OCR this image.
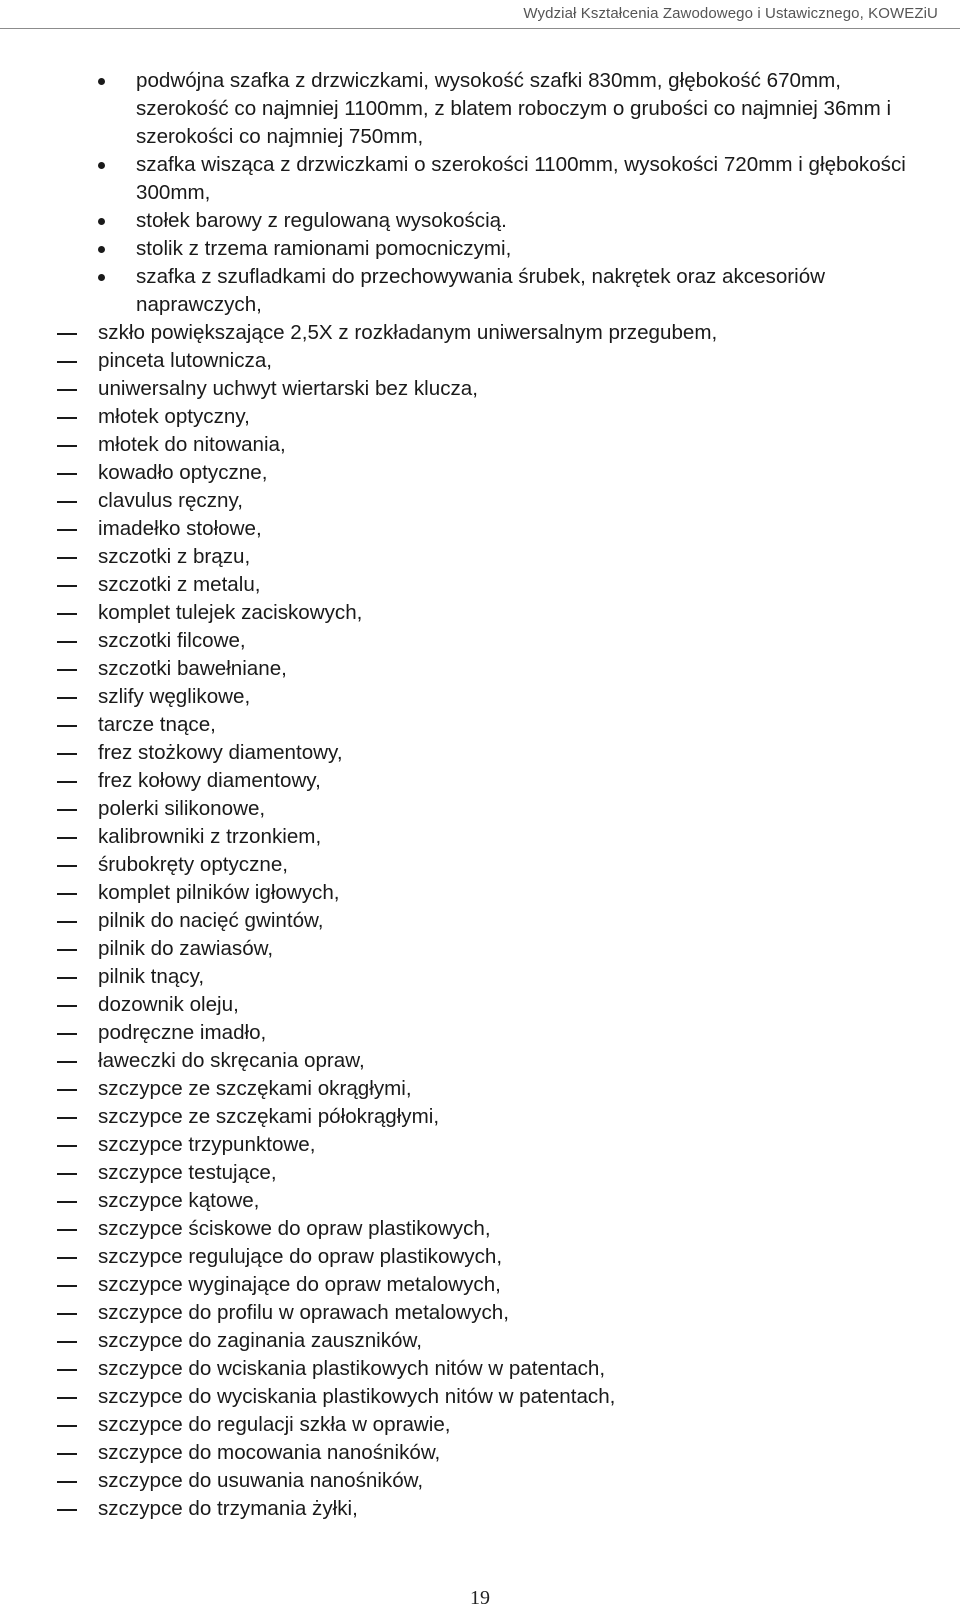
Wydział Kształcenia Zawodowego i Ustawicznego, KOWEZiU
podwójna szafka z drzwiczkami, wysokość szafki 830mm, głębokość 670mm, szerokość co najmniej 1100mm, z blatem roboczym o grubości co najmniej 36mm i szerokości co najmniej 750mm,
szafka wisząca z drzwiczkami o szerokości 1100mm, wysokości 720mm i głębokości 300mm,
stołek barowy z regulowaną wysokością.
stolik z trzema ramionami pomocniczymi,
szafka z szufladkami do przechowywania śrubek, nakrętek oraz akcesoriów naprawczych,
szkło powiększające 2,5X z rozkładanym uniwersalnym przegubem,
pinceta lutownicza,
uniwersalny uchwyt wiertarski bez klucza,
młotek optyczny,
młotek do nitowania,
kowadło optyczne,
clavulus ręczny,
imadełko stołowe,
szczotki z brązu,
szczotki z metalu,
komplet tulejek zaciskowych,
szczotki filcowe,
szczotki bawełniane,
szlify węglikowe,
tarcze tnące,
frez stożkowy diamentowy,
frez kołowy diamentowy,
polerki silikonowe,
kalibrowniki z trzonkiem,
śrubokręty optyczne,
komplet pilników igłowych,
pilnik do nacięć gwintów,
pilnik do zawiasów,
pilnik tnący,
dozownik oleju,
podręczne imadło,
ławeczki do skręcania opraw,
szczypce ze szczękami okrągłymi,
szczypce ze szczękami półokrągłymi,
szczypce trzypunktowe,
szczypce testujące,
szczypce kątowe,
szczypce ściskowe do opraw plastikowych,
szczypce regulujące do opraw plastikowych,
szczypce wyginające do opraw metalowych,
szczypce do profilu w oprawach metalowych,
szczypce do zaginania zauszników,
szczypce do wciskania plastikowych nitów w patentach,
szczypce do wyciskania plastikowych nitów w patentach,
szczypce do regulacji szkła w oprawie,
szczypce do mocowania nanośników,
szczypce do usuwania nanośników,
szczypce do trzymania żyłki,
19
